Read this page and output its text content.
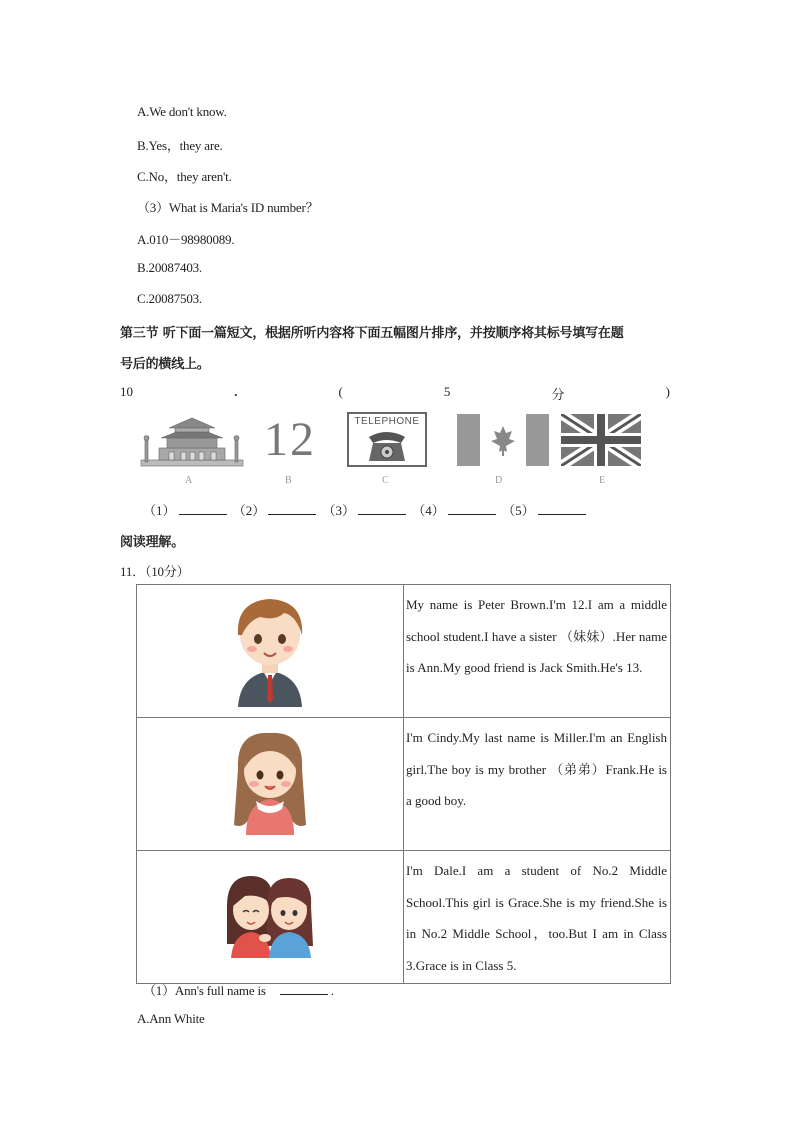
A.We don't know.
B.Yes，they are.
C.No，they aren't.
（3）What is Maria's ID number？
A.010－98980089.
B.20087403.
C.20087503.
第三节 听下面一篇短文，根据所听内容将下面五幅图片排序，并按顺序将其标号填写在题
号后的横线上。
10	.	(	5	分	)
A
12
B
TELEPHONE
C	D	E
（1）	（2）	（3）	（4）	（5）
阅读理解。
11．（10分）
	My name is Peter Brown.I'm 12.I am a middle school student.I have a sister （妹妹）.Her name is Ann.My good friend is Jack Smith.He's 13.
	I'm Cindy.My last name is Miller.I'm an English girl.The boy is my brother （弟弟）Frank.He is a good boy.
	I'm Dale.I am a student of No.2 Middle School.This girl is Grace.She is my friend.She is in No.2 Middle School，too.But I am in Class 3.Grace is in Class 5.
（1）Ann's full name is	.
A.Ann White
